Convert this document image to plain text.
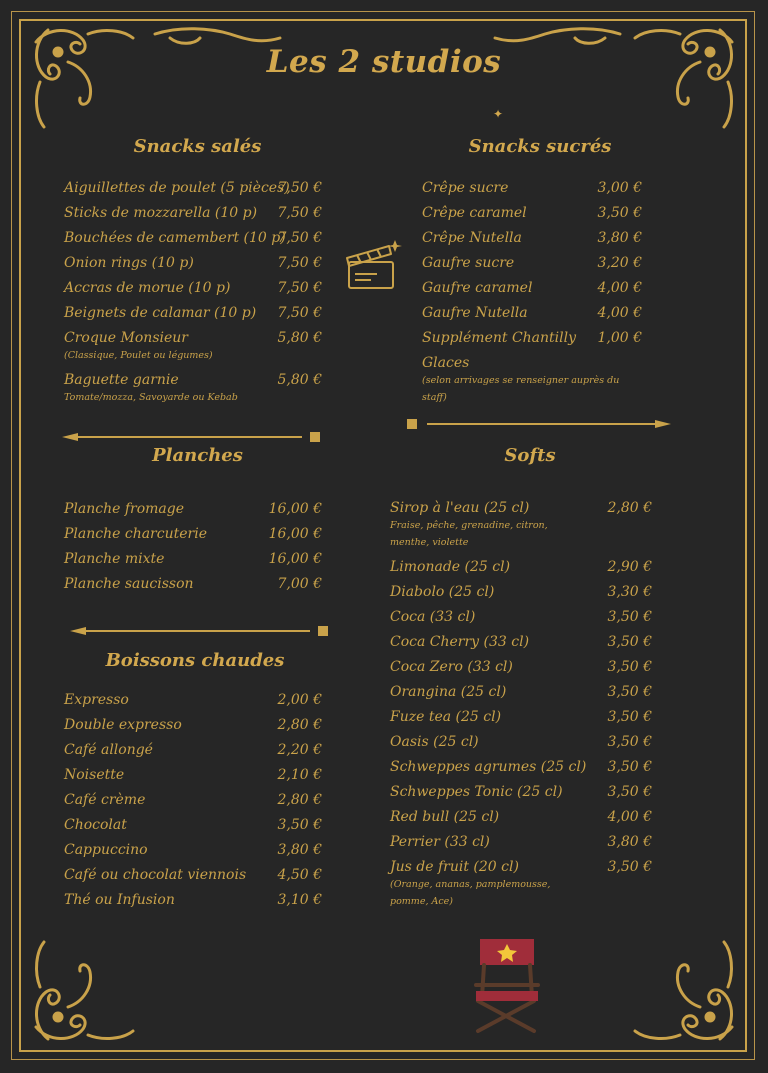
Les 2 studios
✦
Snacks salés	Snacks sucrés
Planches	Softs
Boissons chaudes
Aiguillettes de poulet (5 pièces)
7,50 €
Sticks de mozzarella (10 p)	7,50 €
Bouchées de camembert (10 p)
7,50 €
Onion rings (10 p)	7,50 €
Accras de morue (10 p)	7,50 €
Beignets de calamar (10 p)	7,50 €
Croque Monsieur	5,80 €
(Classique, Poulet ou légumes)
Baguette garnie	5,80 €
Tomate/mozza, Savoyarde ou Kebab
Crêpe sucre	3,00 €
Crêpe caramel	3,50 €
Crêpe Nutella	3,80 €
Gaufre sucre	3,20 €
Gaufre caramel	4,00 €
Gaufre Nutella	4,00 €
Supplément Chantilly	1,00 €
Glaces
(selon arrivages se renseigner auprès du staff)
Planche fromage	16,00 €
Planche charcuterie	16,00 €
Planche mixte	16,00 €
Planche saucisson	7,00 €
Expresso	2,00 €
Double expresso	2,80 €
Café allongé	2,20 €
Noisette	2,10 €
Café crème	2,80 €
Chocolat	3,50 €
Cappuccino	3,80 €
Café ou chocolat viennois	4,50 €
Thé ou Infusion	3,10 €
Sirop à l'eau (25 cl)	2,80 €
Fraise, pêche, grenadine, citron, menthe, violette
Limonade (25 cl)	2,90 €
Diabolo (25 cl)	3,30 €
Coca (33 cl)	3,50 €
Coca Cherry (33 cl)	3,50 €
Coca Zero (33 cl)	3,50 €
Orangina (25 cl)	3,50 €
Fuze tea (25 cl)	3,50 €
Oasis (25 cl)	3,50 €
Schweppes agrumes (25 cl)	3,50 €
Schweppes Tonic (25 cl)	3,50 €
Red bull (25 cl)	4,00 €
Perrier (33 cl)	3,80 €
Jus de fruit (20 cl)	3,50 €
(Orange, ananas, pamplemousse, pomme, Ace)
